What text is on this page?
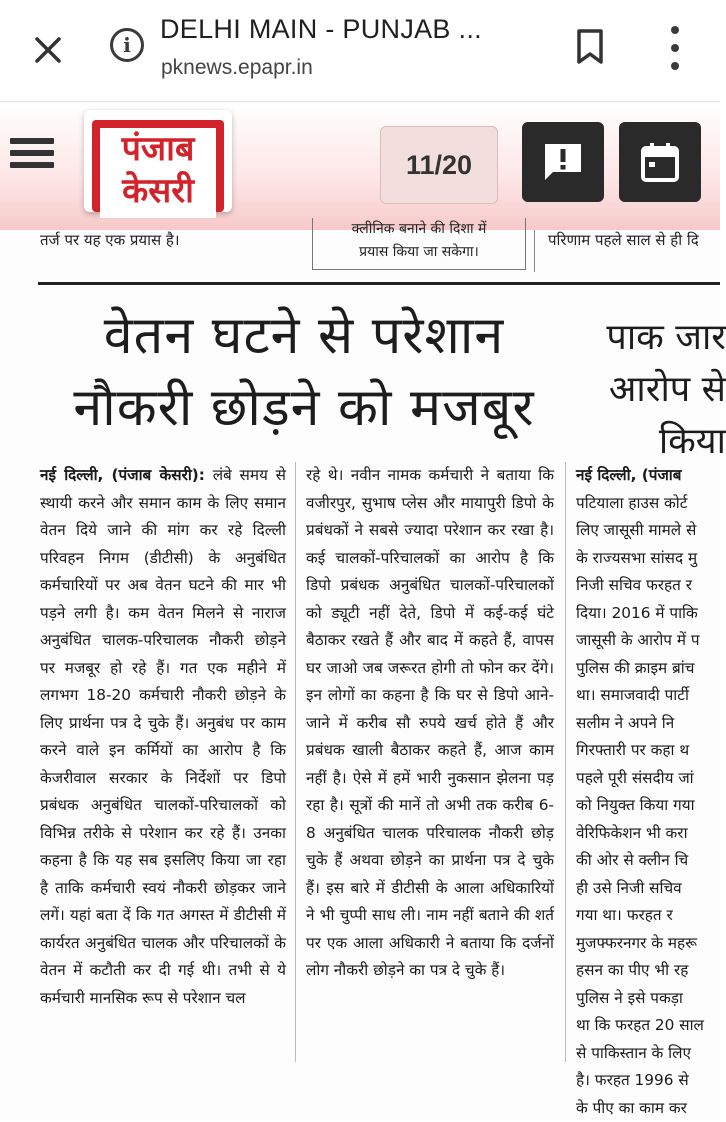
i
DELHI MAIN - PUNJAB ...
pknews.epapr.in
पंजाब
केसरी
11/20
तर्ज पर यह एक प्रयास है।
क्लीनिक बनाने की दिशा में
प्रयास किया जा सकेगा।
परिणाम पहले साल से ही दि
वेतन घटने से परेशान
नौकरी छोड़ने को मजबूर
पाक जार
आरोप से
किया
नई दिल्ली, (पंजाब केसरी): लंबे समय से स्थायी करने और समान काम के लिए समान वेतन दिये जाने की मांग कर रहे दिल्ली परिवहन निगम (डीटीसी) के अनुबंधित कर्मचारियों पर अब वेतन घटने की मार भी पड़ने लगी है। कम वेतन मिलने से नाराज अनुबंधित चालक-परिचालक नौकरी छोड़ने पर मजबूर हो रहे हैं। गत एक महीने में लगभग 18-20 कर्मचारी नौकरी छोड़ने के लिए प्रार्थना पत्र दे चुके हैं। अनुबंध पर काम करने वाले इन कर्मियों का आरोप है कि केजरीवाल सरकार के निर्देशों पर डिपो प्रबंधक अनुबंधित चालकों-परिचालकों को विभिन्न तरीके से परेशान कर रहे हैं। उनका कहना है कि यह सब इसलिए किया जा रहा है ताकि कर्मचारी स्वयं नौकरी छोड़कर जाने लगें। यहां बता दें कि गत अगस्त में डीटीसी में कार्यरत अनुबंधित चालक और परिचालकों के वेतन में कटौती कर दी गई थी। तभी से ये कर्मचारी मानसिक रूप से परेशान चल
रहे थे। नवीन नामक कर्मचारी ने बताया कि वजीरपुर, सुभाष प्लेस और मायापुरी डिपो के प्रबंधकों ने सबसे ज्यादा परेशान कर रखा है। कई चालकों-परिचालकों का आरोप है कि डिपो प्रबंधक अनुबंधित चालकों-परिचालकों को ड्यूटी नहीं देते, डिपो में कई-कई घंटे बैठाकर रखते हैं और बाद में कहते हैं, वापस घर जाओ जब जरूरत होगी तो फोन कर देंगे। इन लोगों का कहना है कि घर से डिपो आने-जाने में करीब सौ रुपये खर्च होते हैं और प्रबंधक खाली बैठाकर कहते हैं, आज काम नहीं है। ऐसे में हमें भारी नुकसान झेलना पड़ रहा है। सूत्रों की मानें तो अभी तक करीब 6-8 अनुबंधित चालक परिचालक नौकरी छोड़ चुके हैं अथवा छोड़ने का प्रार्थना पत्र दे चुके हैं। इस बारे में डीटीसी के आला अधिकारियों ने भी चुप्पी साध ली। नाम नहीं बताने की शर्त पर एक आला अधिकारी ने बताया कि दर्जनों लोग नौकरी छोड़ने का पत्र दे चुके हैं।
नई दिल्ली, (पंजाब
पटियाला हाउस कोर्ट
लिए जासूसी मामले से
के राज्यसभा सांसद मु
निजी सचिव फरहत र
दिया। 2016 में पाकि
जासूसी के आरोप में प
पुलिस की क्राइम ब्रांच
था। समाजवादी पार्टी
सलीम ने अपने नि
गिरफ्तारी पर कहा थ
पहले पूरी संसदीय जां
को नियुक्त किया गया
वेरिफिकेशन भी करा
की ओर से क्लीन चि
ही उसे निजी सचिव
गया था। फरहत र
मुजफ्फरनगर के महरू
हसन का पीए भी रह
पुलिस ने इसे पकड़ा
था कि फरहत 20 साल
से पाकिस्तान के लिए
है। फरहत 1996 से
के पीए का काम कर
